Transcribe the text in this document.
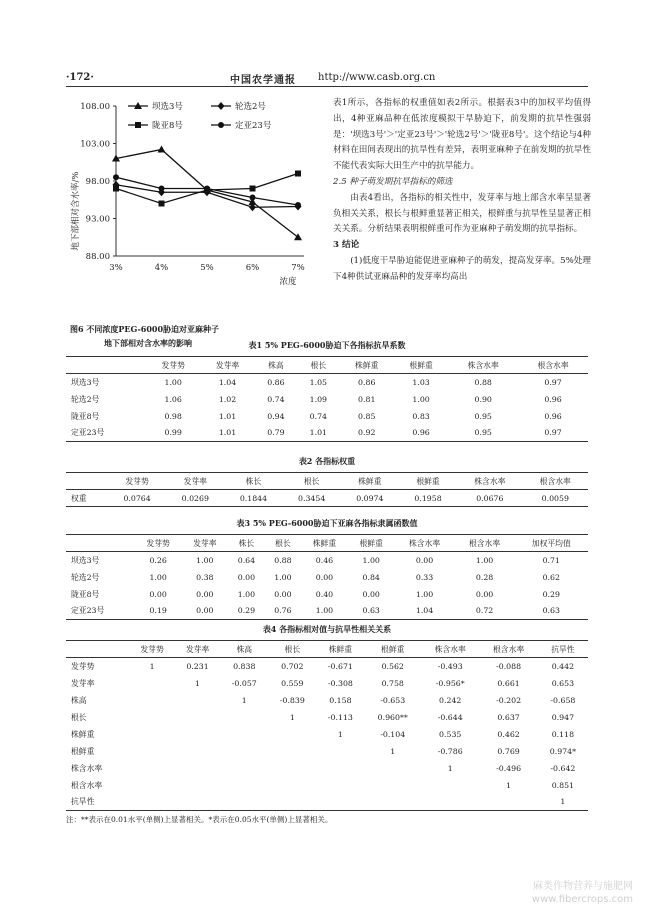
·172·	中国农学通报 http://www.casb.org.cn
108.00
103.00
98.00
93.00
88.00
3%	4%	5%	6%	7%
浓度
地下部相对含水率/%
坝选3号	轮选2号
陇亚8号	定亚23号
图6 不同浓度PEG-6000胁迫对亚麻种子
地下部相对含水率的影响

表1所示，各指标的权重值如表2所示。根据表3中的加权平均值得出，4种亚麻品种在低浓度模拟干旱胁迫下，前发期的抗旱性强弱是：'坝选3号'＞'定亚23号'＞'轮选2号'＞'陇亚8号'。这个结论与4种材料在田间表现出的抗旱性有差异，表明亚麻种子在前发期的抗旱性不能代表实际大田生产中的抗旱能力。

2.5 种子萌发期抗旱指标的筛选

由表4看出，各指标的相关性中，发芽率与地上部含水率呈显著负相关关系，根长与根鲜重显著正相关，根鲜重与抗旱性呈显著正相关关系。分析结果表明根鲜重可作为亚麻种子萌发期的抗旱指标。

3 结论

(1)低度干旱胁迫能促进亚麻种子的萌发，提高发芽率。5%处理下4种供试亚麻品种的发芽率均高出

表1 5% PEG-6000胁迫下各指标抗旱系数
	发芽势	发芽率	株高	根长	株鲜重	根鲜重	株含水率	根含水率
坝选3号	1.00	1.04	0.86	1.05	0.86	1.03	0.88	0.97
轮选2号	1.06	1.02	0.74	1.09	0.81	1.00	0.90	0.96
陇亚8号	0.98	1.01	0.94	0.74	0.85	0.83	0.95	0.96
定亚23号	0.99	1.01	0.79	1.01	0.92	0.96	0.95	0.97
表2 各指标权重
	发芽势	发芽率	株长	根长	株鲜重	根鲜重	株含水率	根含水率
权重	0.0764	0.0269	0.1844	0.3454	0.0974	0.1958	0.0676	0.0059
表3 5% PEG-6000胁迫下亚麻各指标隶属函数值
	发芽势	发芽率	株长	根长	株鲜重	根鲜重	株含水率	根含水率	加权平均值
坝选3号	0.26	1.00	0.64	0.88	0.46	1.00	0.00	1.00	0.71
轮选2号	1.00	0.38	0.00	1.00	0.00	0.84	0.33	0.28	0.62
陇亚8号	0.00	0.00	1.00	0.00	0.40	0.00	1.00	0.00	0.29
定亚23号	0.19	0.00	0.29	0.76	1.00	0.63	1.04	0.72	0.63
表4 各指标相对值与抗旱性相关关系
	发芽势	发芽率	株高	根长	株鲜重	根鲜重	株含水率	根含水率	抗旱性
发芽势	1	0.231	0.838	0.702	-0.671	0.562	-0.493	-0.088	0.442
发芽率		1	-0.057	0.559	-0.308	0.758	-0.956*	0.661	0.653
株高			1	-0.839	0.158	-0.653	0.242	-0.202	-0.658
根长				1	-0.113	0.960**	-0.644	0.637	0.947
株鲜重					1	-0.104	0.535	0.462	0.118
根鲜重						1	-0.786	0.769	0.974*
株含水率							1	-0.496	-0.642
根含水率								1	0.851
抗旱性									1
注：**表示在0.01水平(单侧)上显著相关。*表示在0.05水平(单侧)上显著相关。
麻类作物营养与施肥网
www.fibercrops.com
